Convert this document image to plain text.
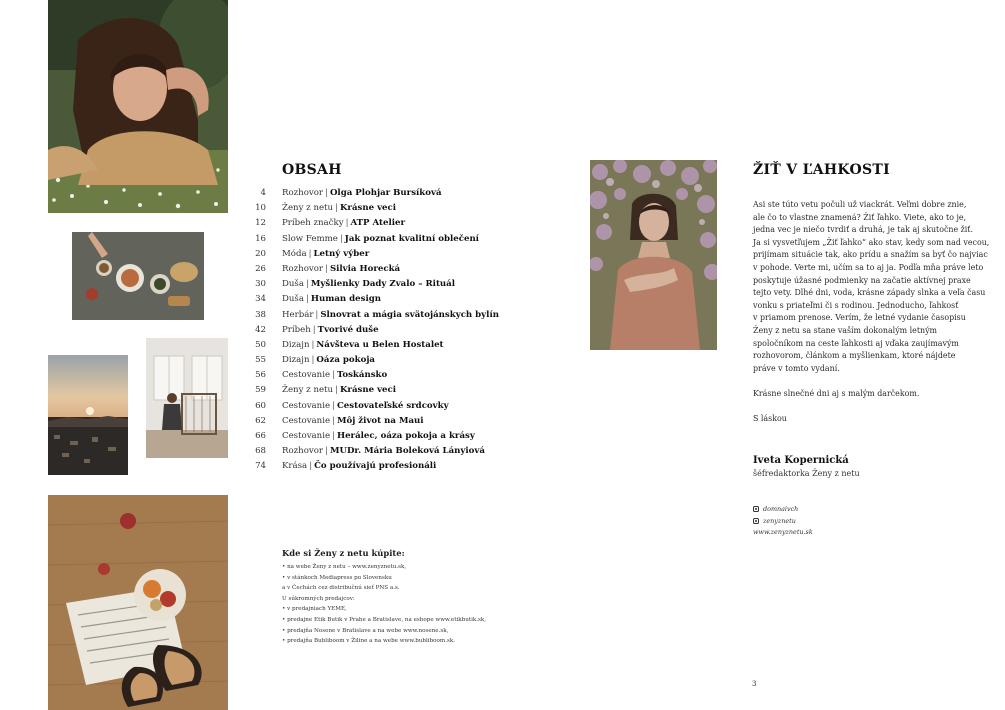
OBSAH
4 Rozhovor | Olga Plohjar Bursíková
10 Ženy z netu | Krásne veci
12 Príbeh značky | ATP Atelier
16 Slow Femme | Jak poznat kvalitní oblečení
20 Móda | Letný výber
26 Rozhovor | Silvia Horecká
30 Duša | Myšlienky Dady Zvalo – Rituál
34 Duša | Human design
38 Herbár | Slnovrat a mágia svätojánskych bylín
42 Príbeh | Tvorivé duše
50 Dizajn | Návšteva u Belen Hostalet
55 Dizajn | Oáza pokoja
56 Cestovanie | Toskánsko
59 Ženy z netu | Krásne veci
60 Cestovanie | Cestovateľské srdcovky
62 Cestovanie | Môj život na Maui
66 Cestovanie | Herálec, oáza pokoja a krásy
68 Rozhovor | MUDr. Mária Boleková Lányiová
74 Krása | Čo používajú profesionáli

Kde si Ženy z netu kúpite:

• na webe Ženy z netu – www.zenyznetu.sk,
• v stánkoch Mediapress po Slovensku
a v Čechách cez distribučnú sieť PNS a.s.
U súkromných predajcov:
• v predajniach YEME,
• predajne Etik Butik v Prahe a Bratislave, na eshope www.etikbutik.sk,
• predajňa Nosene v Bratislave a na webe www.nosene.sk,
• predajňa Bubliboom v Žiline a na webe www.bubliboom.sk.
ŽIŤ V ĽAHKOSTI

Asi ste túto vetu počuli už viackrát. Veľmi dobre znie,

ale čo to vlastne znamená? Žiť ľahko. Viete, ako to je,

jedna vec je niečo tvrdiť a druhá, je tak aj skutočne žiť.

Ja si vysvetľujem „Žiť ľahko“ ako stav, kedy som nad vecou,

prijímam situácie tak, ako prídu a snažím sa byť čo najviac

v pohode. Verte mi, učím sa to aj ja. Podľa mňa práve leto

poskytuje úžasné podmienky na začatie aktívnej praxe

tejto vety. Dlhé dni, voda, krásne západy slnka a veľa času

vonku s priateľmi či s rodinou. Jednoducho, ľahkosť

v priamom prenose. Verím, že letné vydanie časopisu

Ženy z netu sa stane vaším dokonalým letným

spoločníkom na ceste ľahkosti aj vďaka zaujímavým

rozhovorom, článkom a myšlienkam, ktoré nájdete

práve v tomto vydaní.

Krásne slnečné dni aj s malým darčekom.

S láskou

Iveta Kopernická
šéfredaktorka Ženy z netu
domnaivch
zenyznetu
www.zenyznetu.sk
3
